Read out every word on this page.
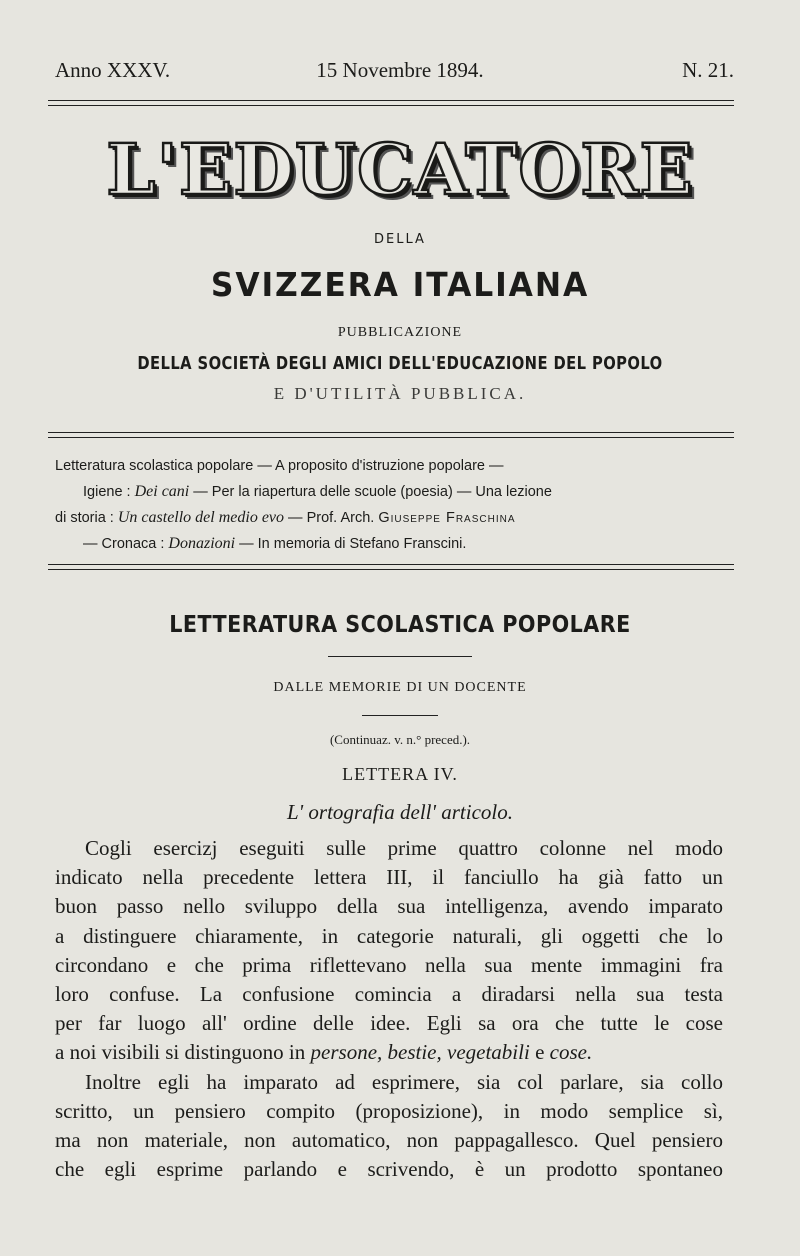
Anno XXXV.	15 Novembre 1894.	N. 21.
L'EDUCATORE
DELLA
SVIZZERA ITALIANA
PUBBLICAZIONE
DELLA SOCIETÀ DEGLI AMICI DELL'EDUCAZIONE DEL POPOLO
E D'UTILITÀ PUBBLICA.
Letteratura scolastica popolare — A proposito d'istruzione popolare —
Igiene : Dei cani — Per la riapertura delle scuole (poesia) — Una lezione
di storia : Un castello del medio evo — Prof. Arch. Giuseppe Fraschina
— Cronaca : Donazioni — In memoria di Stefano Franscini.
LETTERATURA SCOLASTICA POPOLARE
DALLE MEMORIE DI UN DOCENTE
(Continuaz. v. n.° preced.).
LETTERA IV.
L' ortografia dell' articolo.
Cogli esercizj eseguiti sulle prime quattro colonne nel modo
indicato nella precedente lettera III, il fanciullo ha già fatto un
buon passo nello sviluppo della sua intelligenza, avendo imparato
a distinguere chiaramente, in categorie naturali, gli oggetti che lo
circondano e che prima riflettevano nella sua mente immagini fra
loro confuse. La confusione comincia a diradarsi nella sua testa
per far luogo all' ordine delle idee. Egli sa ora che tutte le cose
a noi visibili si distinguono in persone, bestie, vegetabili e cose.
Inoltre egli ha imparato ad esprimere, sia col parlare, sia collo
scritto, un pensiero compito (proposizione), in modo semplice sì,
ma non materiale, non automatico, non pappagallesco. Quel pensiero
che egli esprime parlando e scrivendo, è un prodotto spontaneo
